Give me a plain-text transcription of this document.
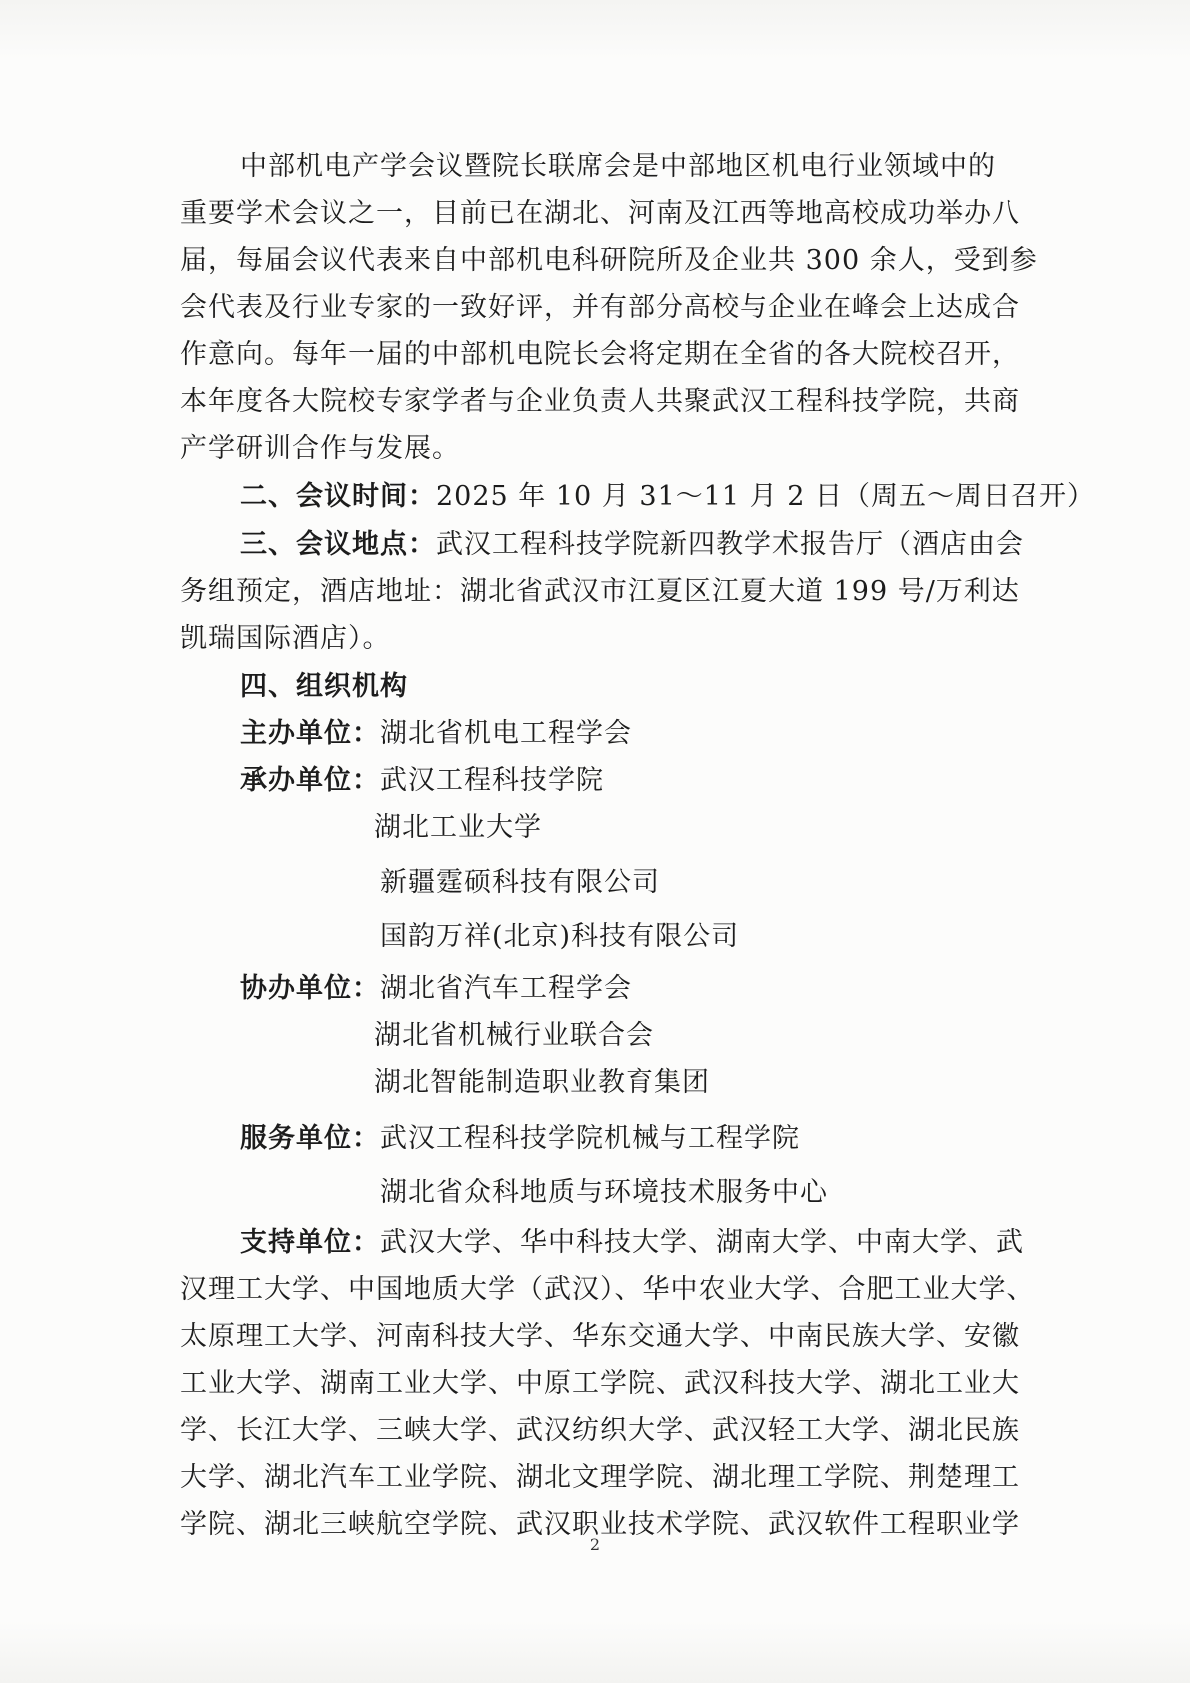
中部机电产学会议暨院长联席会是中部地区机电行业领域中的
重要学术会议之一，目前已在湖北、河南及江西等地高校成功举办八
届，每届会议代表来自中部机电科研院所及企业共 300 余人，受到参
会代表及行业专家的一致好评，并有部分高校与企业在峰会上达成合
作意向。每年一届的中部机电院长会将定期在全省的各大院校召开，
本年度各大院校专家学者与企业负责人共聚武汉工程科技学院，共商
产学研训合作与发展。
二、会议时间：2025 年 10 月 31～11 月 2 日（周五～周日召开）
三、会议地点：武汉工程科技学院新四教学术报告厅（酒店由会
务组预定，酒店地址：湖北省武汉市江夏区江夏大道 199 号/万利达
凯瑞国际酒店）。
四、组织机构
主办单位：湖北省机电工程学会
承办单位：武汉工程科技学院
湖北工业大学
新疆霆硕科技有限公司
国韵万祥(北京)科技有限公司
协办单位：湖北省汽车工程学会
湖北省机械行业联合会
湖北智能制造职业教育集团
服务单位：武汉工程科技学院机械与工程学院
湖北省众科地质与环境技术服务中心
支持单位：武汉大学、华中科技大学、湖南大学、中南大学、武
汉理工大学、中国地质大学（武汉）、华中农业大学、合肥工业大学、
太原理工大学、河南科技大学、华东交通大学、中南民族大学、安徽
工业大学、湖南工业大学、中原工学院、武汉科技大学、湖北工业大
学、长江大学、三峡大学、武汉纺织大学、武汉轻工大学、湖北民族
大学、湖北汽车工业学院、湖北文理学院、湖北理工学院、荆楚理工
学院、湖北三峡航空学院、武汉职业技术学院、武汉软件工程职业学
2
